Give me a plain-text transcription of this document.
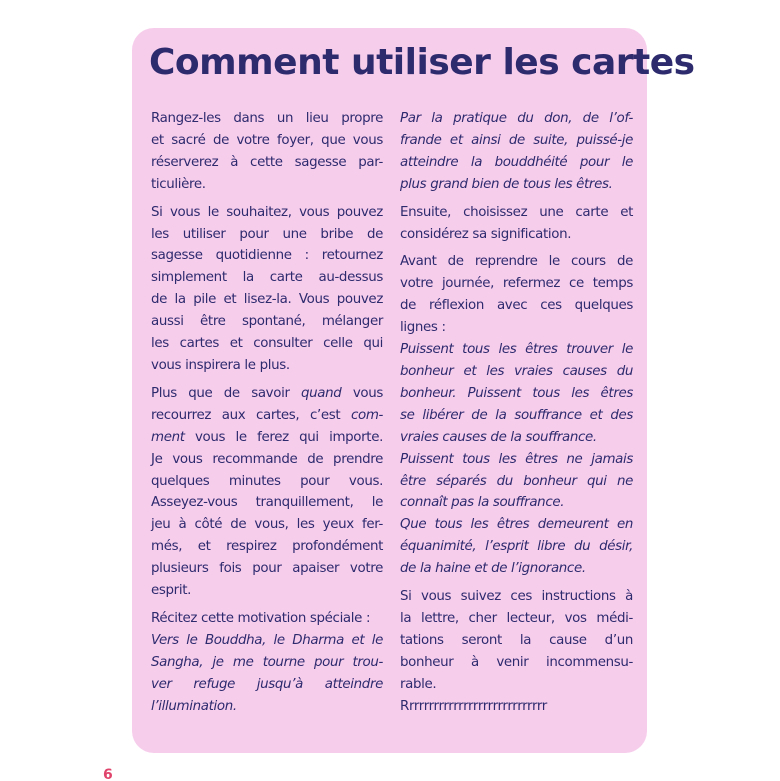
Comment utiliser les cartes

Rangez-les dans un lieu propre
et sacré de votre foyer, que vous
réserverez à cette sagesse par-
ticulière.

Si vous le souhaitez, vous pouvez
les utiliser pour une bribe de
sagesse quotidienne : retournez
simplement la carte au-dessus
de la pile et lisez-la. Vous pouvez
aussi être spontané, mélanger
les cartes et consulter celle qui
vous inspirera le plus.

Plus que de savoir quand vous
recourrez aux cartes, c’est com-
ment vous le ferez qui importe.
Je vous recommande de prendre
quelques minutes pour vous.
Asseyez-vous tranquillement, le
jeu à côté de vous, les yeux fer-
més, et respirez profondément
plusieurs fois pour apaiser votre
esprit.

Récitez cette motivation spéciale :
Vers le Bouddha, le Dharma et le
Sangha, je me tourne pour trou-
ver refuge jusqu’à atteindre
l’illumination.

Par la pratique du don, de l’of-
frande et ainsi de suite, puissé-je
atteindre la bouddhéité pour le
plus grand bien de tous les êtres.

Ensuite, choisissez une carte et
considérez sa signification.

Avant de reprendre le cours de
votre journée, refermez ce temps
de réflexion avec ces quelques
lignes :
Puissent tous les êtres trouver le
bonheur et les vraies causes du
bonheur. Puissent tous les êtres
se libérer de la souffrance et des
vraies causes de la souffrance.
Puissent tous les êtres ne jamais
être séparés du bonheur qui ne
connaît pas la souffrance.
Que tous les êtres demeurent en
équanimité, l’esprit libre du désir,
de la haine et de l’ignorance.

Si vous suivez ces instructions à
la lettre, cher lecteur, vos médi-
tations seront la cause d’un
bonheur à venir incommensu-
rable.
Rrrrrrrrrrrrrrrrrrrrrrrrrrrrr

6
